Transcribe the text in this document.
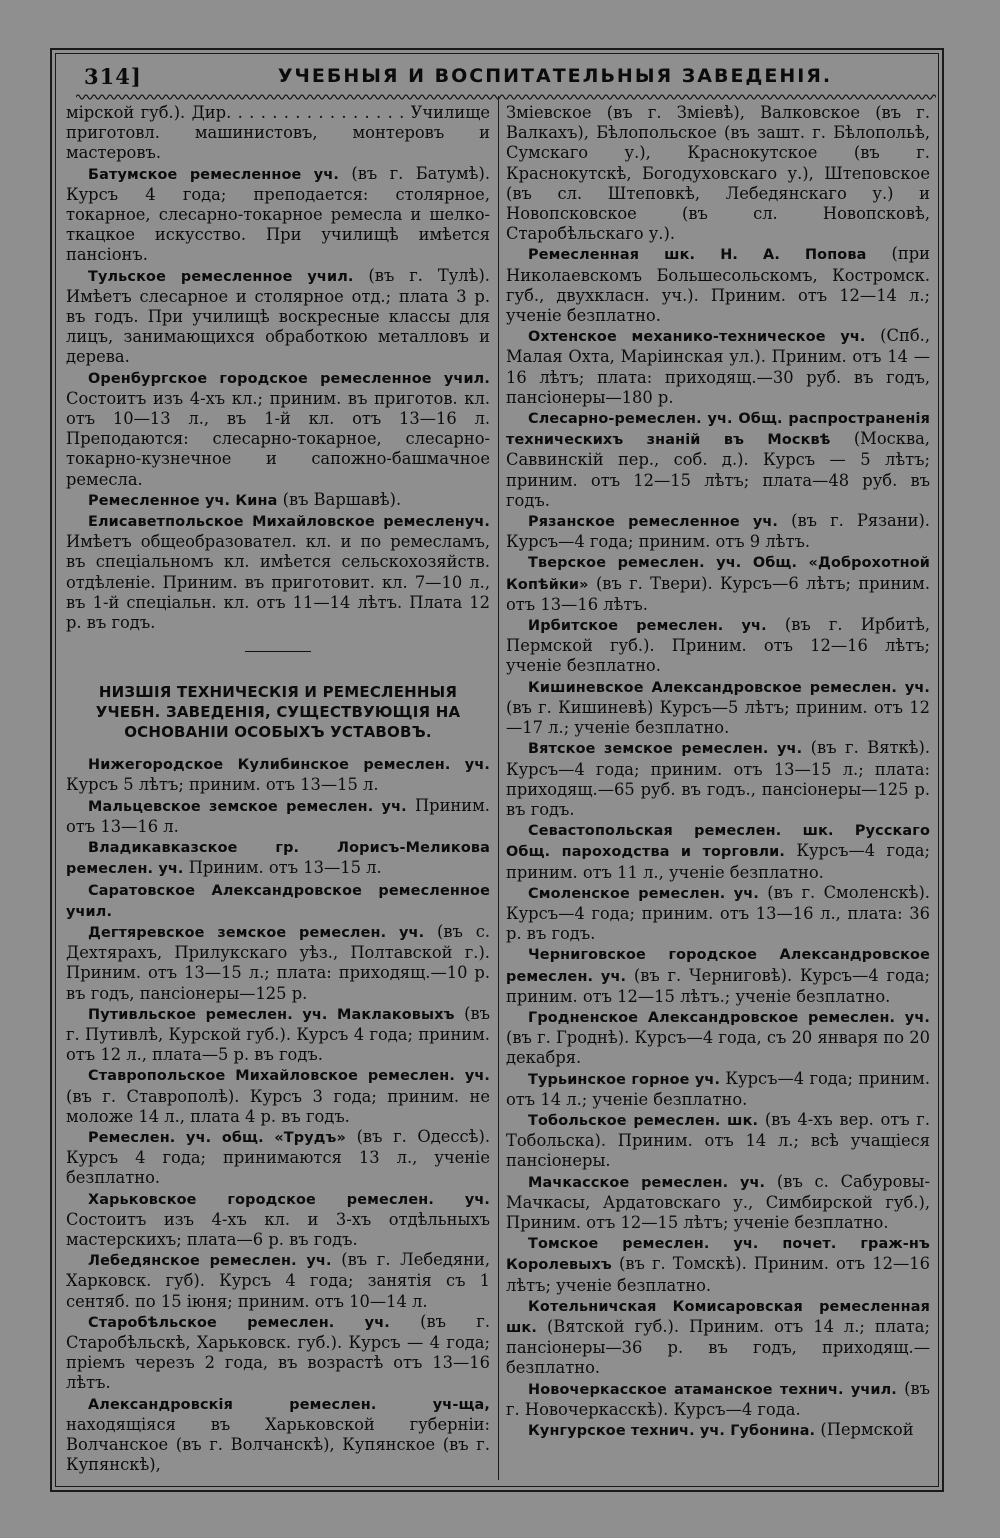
314]	УЧЕБНЫЯ И ВОСПИТАТЕЛЬНЫЯ ЗАВЕДЕНІЯ.

мірской губ.). Дир. . . . . . . . . . . . . . . . Училище приготовл. машинистовъ, монтеровъ и мастеровъ.

Батумское ремесленное уч. (въ г. Батумѣ). Курсъ 4 года; преподается: столярное, токарное, слесарно-токарное ремесла и шелко-ткацкое искусство. При училищѣ имѣется пансіонъ.

Тульское ремесленное учил. (въ г. Тулѣ). Имѣетъ слесарное и столярное отд.; плата 3 р. въ годъ. При училищѣ воскресные классы для лицъ, занимающихся обработкою металловъ и дерева.

Оренбургское городское ремесленное учил. Состоитъ изъ 4-хъ кл.; приним. въ приготов. кл. отъ 10—13 л., въ 1-й кл. отъ 13—16 л. Преподаются: слесарно-токарное, слесарно-токарно-кузнечное и сапожно-башмачное ремесла.

Ремесленное уч. Кина (въ Варшавѣ).

Елисаветпольское Михайловское ремесленуч. Имѣетъ общеобразовател. кл. и по ремесламъ, въ спеціальномъ кл. имѣется сельскохозяйств. отдѣленіе. Приним. въ приготовит. кл. 7—10 л., въ 1-й спеціальн. кл. отъ 11—14 лѣтъ. Плата 12 р. въ годъ.

НИЗШІЯ ТЕХНИЧЕСКІЯ И РЕМЕСЛЕННЫЯ УЧЕБН. ЗАВЕДЕНІЯ, СУЩЕСТВУЮЩІЯ НА ОСНОВАНІИ ОСОБЫХЪ УСТАВОВЪ.

Нижегородское Кулибинское ремеслен. уч. Курсъ 5 лѣтъ; приним. отъ 13—15 л.

Мальцевское земское ремеслен. уч. Приним. отъ 13—16 л.

Владикавказское гр. Лорисъ-Меликова ремеслен. уч. Приним. отъ 13—15 л.

Саратовское Александровское ремесленное учил.

Дегтяревское земское ремеслен. уч. (въ с. Дехтярахъ, Прилукскаго уѣз., Полтавской г.). Приним. отъ 13—15 л.; плата: приходящ.—10 р. въ годъ, пансіонеры—125 р.

Путивльское ремеслен. уч. Маклаковыхъ (въ г. Путивлѣ, Курской губ.). Курсъ 4 года; приним. отъ 12 л., плата—5 р. въ годъ.

Ставропольское Михайловское ремеслен. уч. (въ г. Ставрополѣ). Курсъ 3 года; приним. не моложе 14 л., плата 4 р. въ годъ.

Ремеслен. уч. общ. «Трудъ» (въ г. Одессѣ). Курсъ 4 года; принимаются 13 л., ученіе безплатно.

Харьковское городское ремеслен. уч. Состоитъ изъ 4-хъ кл. и 3-хъ отдѣльныхъ мастерскихъ; плата—6 р. въ годъ.

Лебедянское ремеслен. уч. (въ г. Лебедяни, Харковск. губ). Курсъ 4 года; занятія съ 1 сентяб. по 15 іюня; приним. отъ 10—14 л.

Старобѣльское ремеслен. уч. (въ г. Старобѣльскѣ, Харьковск. губ.). Курсъ — 4 года; пріемъ черезъ 2 года, въ возрастѣ отъ 13—16 лѣтъ.

Александровскія ремеслен. уч-ща, находящіяся въ Харьковской губерніи: Волчанское (въ г. Волчанскѣ), Купянское (въ г. Купянскѣ),

Зміевское (въ г. Зміевѣ), Валковское (въ г. Валкахъ), Бѣлопольское (въ зашт. г. Бѣлопольѣ, Сумскаго у.), Краснокутское (въ г. Краснокутскѣ, Богодуховскаго у.), Штеповское (въ сл. Штеповкѣ, Лебедянскаго у.) и Новопсковское (въ сл. Новопсковѣ, Старобѣльскаго у.).

Ремесленная шк. Н. А. Попова (при Николаевскомъ Большесольскомъ, Костромск. губ., двухкласн. уч.). Приним. отъ 12—14 л.; ученіе безплатно.

Охтенское механико-техническое уч. (Спб., Малая Охта, Маріинская ул.). Приним. отъ 14 — 16 лѣтъ; плата: приходящ.—30 руб. въ годъ, пансіонеры—180 р.

Слесарно-ремеслен. уч. Общ. распространенія техническихъ знаній въ Москвѣ (Москва, Саввинскій пер., соб. д.). Курсъ — 5 лѣтъ; приним. отъ 12—15 лѣтъ; плата—48 руб. въ годъ.

Рязанское ремесленное уч. (въ г. Рязани). Курсъ—4 года; приним. отъ 9 лѣтъ.

Тверское ремеслен. уч. Общ. «Доброхотной Копѣйки» (въ г. Твери). Курсъ—6 лѣтъ; приним. отъ 13—16 лѣтъ.

Ирбитское ремеслен. уч. (въ г. Ирбитѣ, Пермской губ.). Приним. отъ 12—16 лѣтъ; ученіе безплатно.

Кишиневское Александровское ремеслен. уч. (въ г. Кишиневѣ) Курсъ—5 лѣтъ; приним. отъ 12—17 л.; ученіе безплатно.

Вятское земское ремеслен. уч. (въ г. Вяткѣ). Курсъ—4 года; приним. отъ 13—15 л.; плата: приходящ.—65 руб. въ годъ., пансіонеры—125 р. въ годъ.

Севастопольская ремеслен. шк. Русскаго Общ. пароходства и торговли. Курсъ—4 года; приним. отъ 11 л., ученіе безплатно.

Смоленское ремеслен. уч. (въ г. Смоленскѣ). Курсъ—4 года; приним. отъ 13—16 л., плата: 36 р. въ годъ.

Черниговское городское Александровское ремеслен. уч. (въ г. Черниговѣ). Курсъ—4 года; приним. отъ 12—15 лѣтъ.; ученіе безплатно.

Гродненское Александровское ремеслен. уч. (въ г. Гроднѣ). Курсъ—4 года, съ 20 января по 20 декабря.

Турьинское горное уч. Курсъ—4 года; приним. отъ 14 л.; ученіе безплатно.

Тобольское ремеслен. шк. (въ 4-хъ вер. отъ г. Тобольска). Приним. отъ 14 л.; всѣ учащіеся пансіонеры.

Мачкасское ремеслен. уч. (въ с. Сабуровы-Мачкасы, Ардатовскаго у., Симбирской губ.), Приним. отъ 12—15 лѣтъ; ученіе безплатно.

Томское ремеслен. уч. почет. граж-нъ Королевыхъ (въ г. Томскѣ). Приним. отъ 12—16 лѣтъ; ученіе безплатно.

Котельничская Комисаровская ремесленная шк. (Вятской губ.). Приним. отъ 14 л.; плата; пансіонеры—36 р. въ годъ, приходящ.—безплатно.

Новочеркасское атаманское технич. учил. (въ г. Новочеркасскѣ). Курсъ—4 года.

Кунгурское технич. уч. Губонина. (Пермской
